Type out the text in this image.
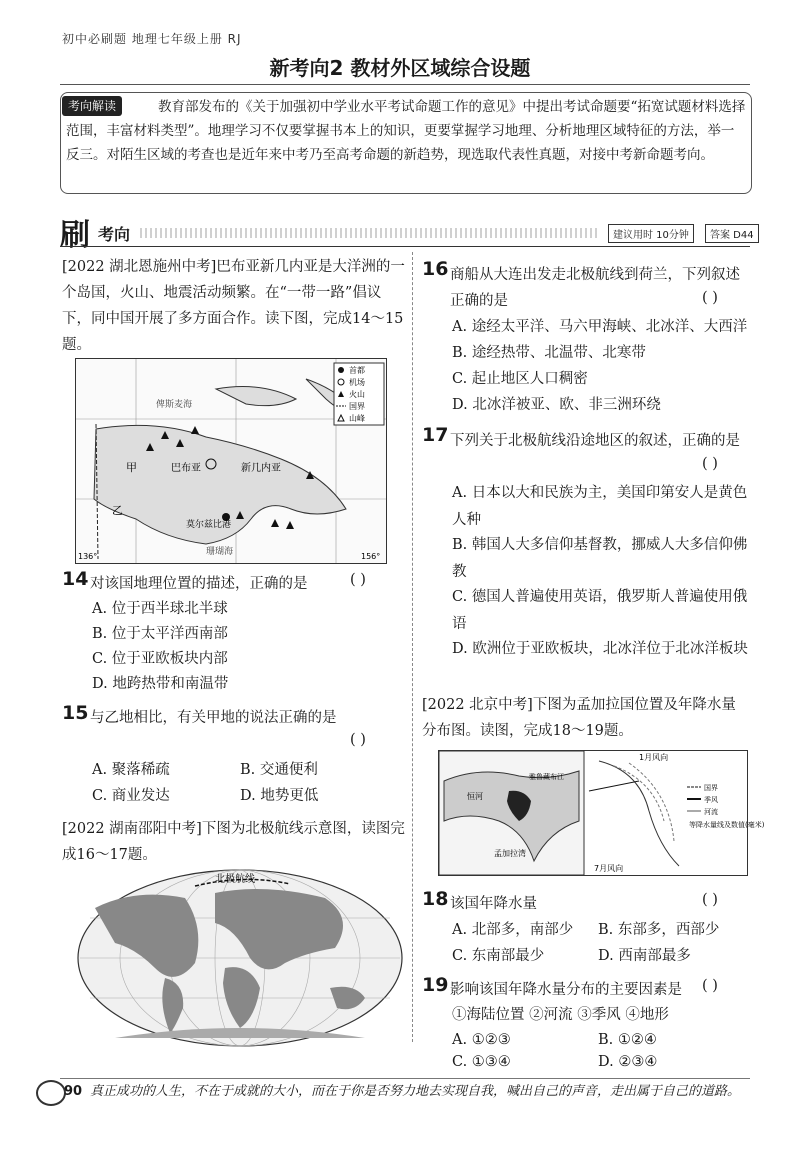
初中必刷题 地理七年级上册 RJ
新考向2 教材外区域综合设题
教育部发布的《关于加强初中学业水平考试命题工作的意见》中提出考试命题要“拓宽试题材料选择范围，丰富材料类型”。地理学习不仅要掌握书本上的知识，更要掌握学习地理、分析地理区域特征的方法，举一反三。对陌生区域的考查也是近年来中考乃至高考命题的新趋势，现选取代表性真题，对接中考新命题考向。
考向解读
刷 考向	建议用时 10分钟	答案 D44
[2022 湖北恩施州中考]巴布亚新几内亚是大洋洲的一个岛国，火山、地震活动频繁。在“一带一路”倡议下，同中国开展了多方面合作。读下图，完成14～15题。
甲	巴布亚	新几内亚
乙
莫尔兹比港
珊瑚海
俾斯麦海
136°	156°
首都
机场
火山
国界
山峰
14 对该国地理位置的描述，正确的是	( )
A. 位于西半球北半球
B. 位于太平洋西南部
C. 位于亚欧板块内部
D. 地跨热带和南温带
15 与乙地相比，有关甲地的说法正确的是
( )
A. 聚落稀疏	B. 交通便利
C. 商业发达	D. 地势更低
[2022 湖南邵阳中考]下图为北极航线示意图，读图完成16～17题。
北极航线
16 商船从大连出发走北极航线到荷兰，下列叙述正确的是	( )
A. 途经太平洋、马六甲海峡、北冰洋、大西洋
B. 途经热带、北温带、北寒带
C. 起止地区人口稠密
D. 北冰洋被亚、欧、非三洲环绕
17 下列关于北极航线沿途地区的叙述，正确的是
( )
A. 日本以大和民族为主，美国印第安人是黄色人种
B. 韩国人大多信仰基督教，挪威人大多信仰佛教
C. 德国人普遍使用英语，俄罗斯人普遍使用俄语
D. 欧洲位于亚欧板块，北冰洋位于北冰洋板块
[2022 北京中考]下图为孟加拉国位置及年降水量分布图。读图，完成18～19题。
孟加拉湾
恒河
雅鲁藏布江
1月风向
7月风向
国界
季风
河流
等降水量线及数值(毫米)
18 该国年降水量	( )
A. 北部多，南部少 B. 东部多，西部少
C. 东南部最少	D. 西南部最多
19 影响该国年降水量分布的主要因素是 ( )
①海陆位置 ②河流 ③季风 ④地形
A. ①②③	B. ①②④
C. ①③④	D. ②③④
90 真正成功的人生，不在于成就的大小，而在于你是否努力地去实现自我，喊出自己的声音，走出属于自己的道路。
